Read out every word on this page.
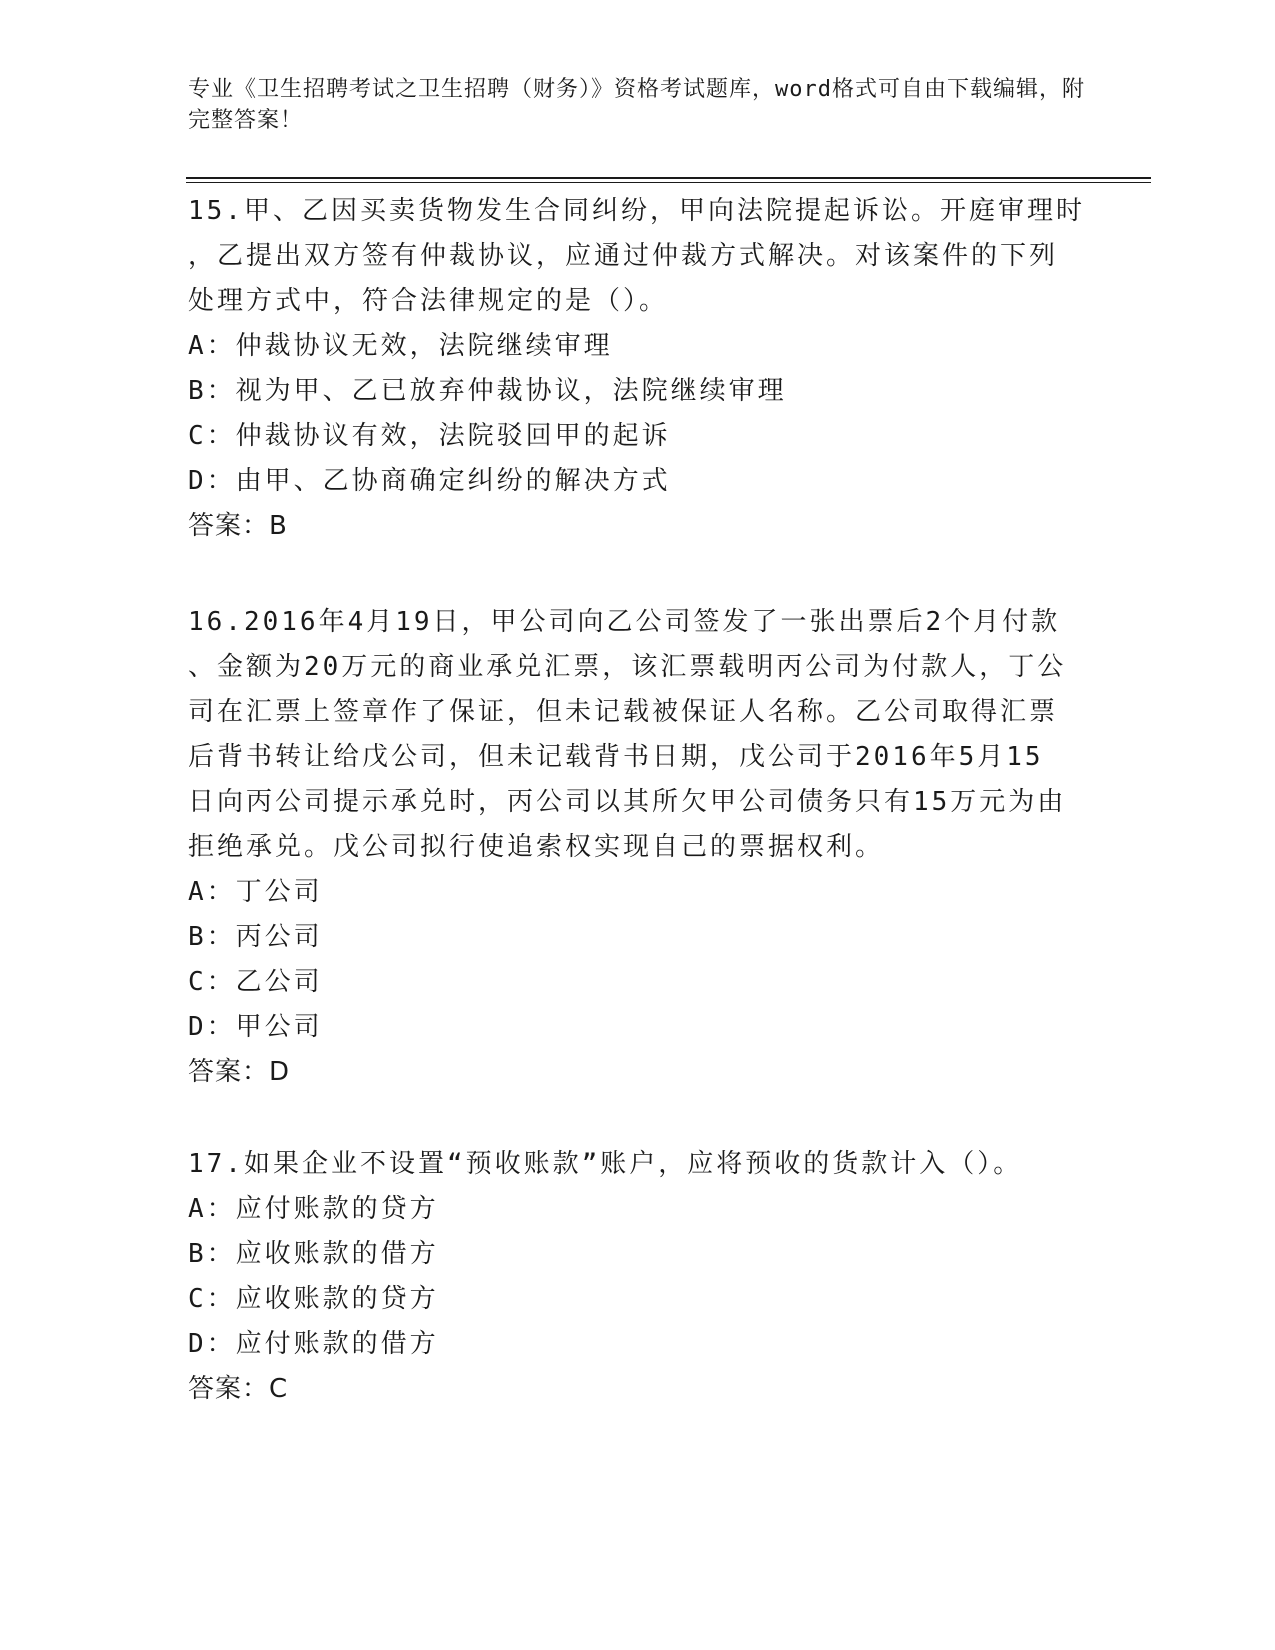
专业《卫生招聘考试之卫生招聘（财务）》资格考试题库，word格式可自由下载编辑，附完整答案！

15.甲、乙因买卖货物发生合同纠纷，甲向法院提起诉讼。开庭审理时

，乙提出双方签有仲裁协议，应通过仲裁方式解决。对该案件的下列

处理方式中，符合法律规定的是（）。

A：仲裁协议无效，法院继续审理

B：视为甲、乙已放弃仲裁协议，法院继续审理

C：仲裁协议有效，法院驳回甲的起诉

D：由甲、乙协商确定纠纷的解决方式

答案：B

16.2016年4月19日，甲公司向乙公司签发了一张出票后2个月付款

、金额为20万元的商业承兑汇票，该汇票载明丙公司为付款人，丁公

司在汇票上签章作了保证，但未记载被保证人名称。乙公司取得汇票

后背书转让给戊公司，但未记载背书日期，戊公司于2016年5月15

日向丙公司提示承兑时，丙公司以其所欠甲公司债务只有15万元为由

拒绝承兑。戊公司拟行使追索权实现自己的票据权利。

A：丁公司

B：丙公司

C：乙公司

D：甲公司

答案：D

17.如果企业不设置“预收账款”账户，应将预收的货款计入（）。

A：应付账款的贷方

B：应收账款的借方

C：应收账款的贷方

D：应付账款的借方

答案：C
